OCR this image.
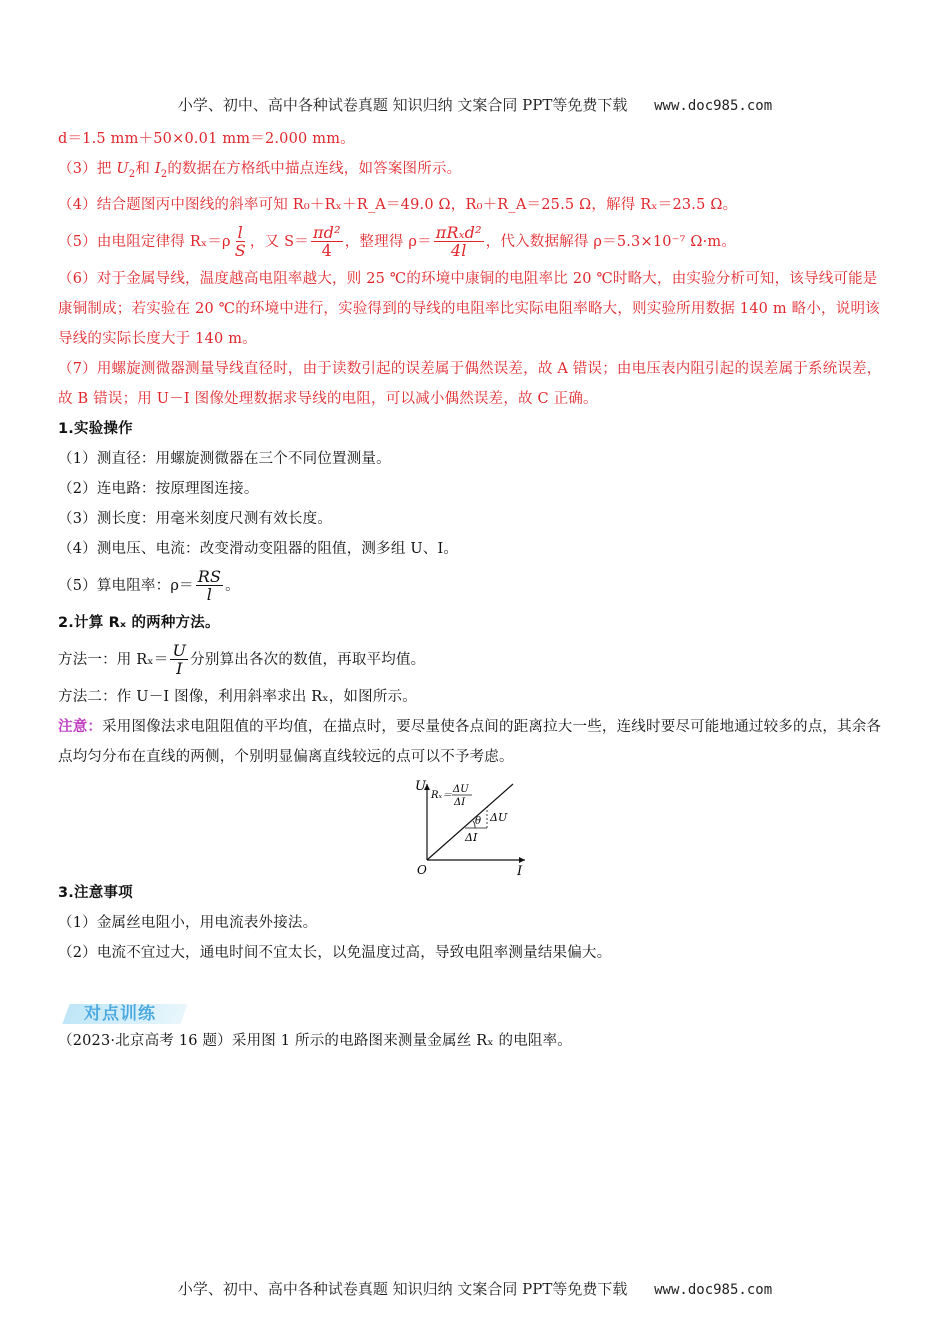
小学、初中、高中各种试卷真题 知识归纳 文案合同 PPT等免费下载 www.doc985.com

d＝1.5 mm＋50×0.01 mm＝2.000 mm。

（3）把 $U_2$和 $I_2$的数据在方格纸中描点连线，如答案图所示。

（4）结合题图丙中图线的斜率可知 R₀＋Rₓ＋R_A＝49.0 Ω，R₀＋R_A＝25.5 Ω，解得 Rₓ＝23.5 Ω。

（5）由电阻定律得 $R_x=\rho \frac{l}{S}$ ，又 $S= \frac{\text{πd²}}{4}$ ，整理得 $\rho= \frac{\text{πRₓd²}}{4l}$ ，代入数据解得 ρ＝5.3×10⁻⁷ Ω·m。

（6）对于金属导线，温度越高电阻率越大，则 25 ℃的环境中康铜的电阻率比 20 ℃时略大，由实验分析可知，该导线可能是康铜制成；若实验在 20 ℃的环境中进行，实验得到的导线的电阻率比实际电阻率略大，则实验所用数据 140 m 略小，说明该导线的实际长度大于 140 m。

（7）用螺旋测微器测量导线直径时，由于读数引起的误差属于偶然误差，故 A 错误；由电压表内阻引起的误差属于系统误差，故 B 错误；用 U－I 图像处理数据求导线的电阻，可以减小偶然误差，故 C 正确。

1.实验操作

（1）测直径：用螺旋测微器在三个不同位置测量。

（2）连电路：按原理图连接。

（3）测长度：用毫米刻度尺测有效长度。

（4）测电压、电流：改变滑动变阻器的阻值，测多组 U、I。

（5）算电阻率：$\rho= \frac{RS}{l}$ 。

2.计算 Rₓ 的两种方法。

方法一：用 $R_x= \frac{U}{I}$ 分别算出各次的数值，再取平均值。

方法二：作 U－I 图像，利用斜率求出 Rₓ，如图所示。

注意：采用图像法求电阻阻值的平均值，在描点时，要尽量使各点间的距离拉大一些，连线时要尽可能地通过较多的点，其余各点均匀分布在直线的两侧，个别明显偏离直线较远的点可以不予考虑。

U
I
O
Rₓ＝
ΔU
ΔI
ΔU
ΔI
θ

3.注意事项

（1）金属丝电阻小，用电流表外接法。

（2）电流不宜过大，通电时间不宜太长，以免温度过高，导致电阻率测量结果偏大。

对点训练

（2023·北京高考 16 题）采用图 1 所示的电路图来测量金属丝 Rₓ 的电阻率。

小学、初中、高中各种试卷真题 知识归纳 文案合同 PPT等免费下载 www.doc985.com
